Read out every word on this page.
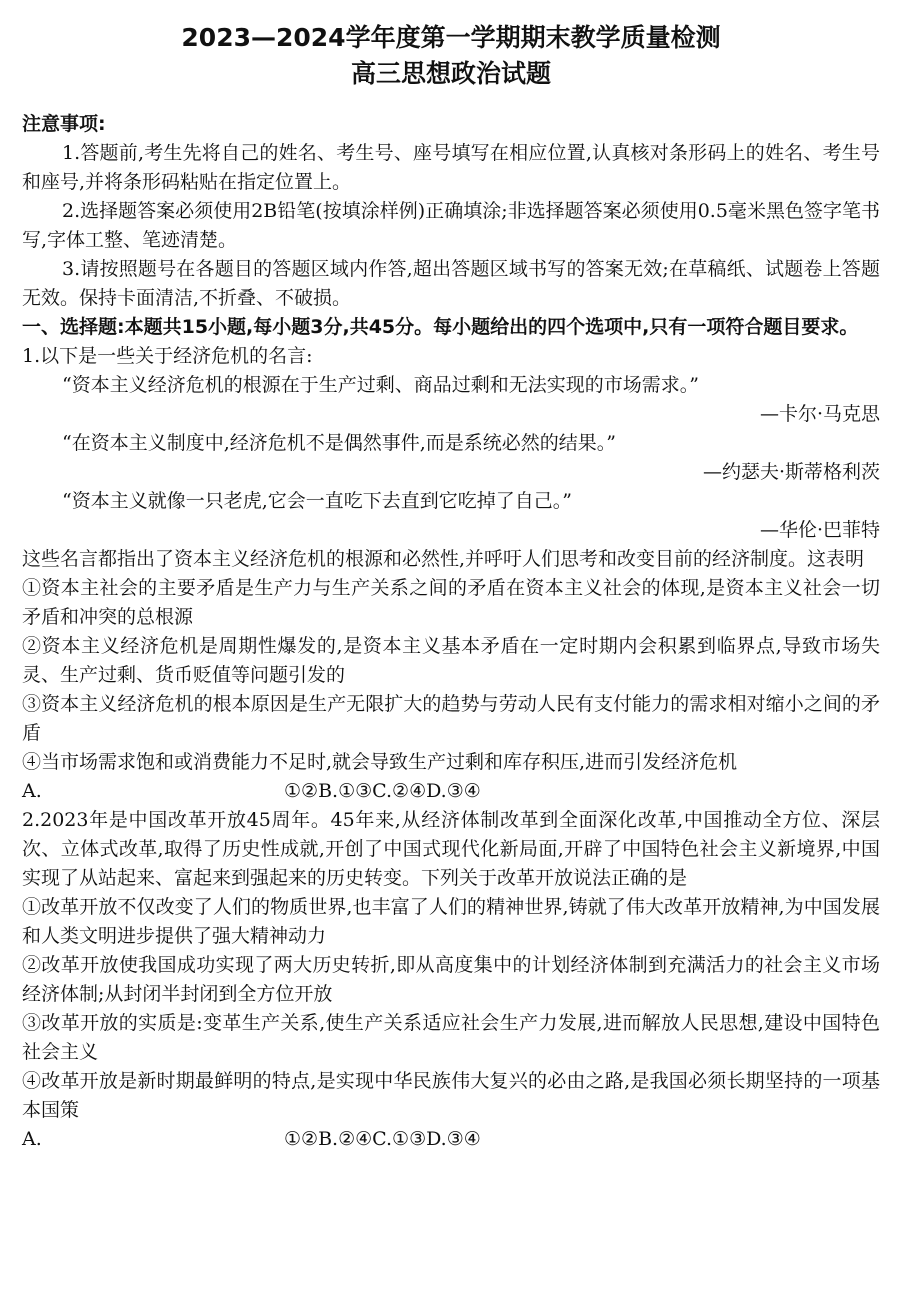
2023—2024学年度第一学期期末教学质量检测
高三思想政治试题
注意事项:
1.答题前,考生先将自己的姓名、考生号、座号填写在相应位置,认真核对条形码上的姓名、考生号和座号,并将条形码粘贴在指定位置上。
2.选择题答案必须使用2B铅笔(按填涂样例)正确填涂;非选择题答案必须使用0.5毫米黑色签字笔书写,字体工整、笔迹清楚。
3.请按照题号在各题目的答题区域内作答,超出答题区域书写的答案无效;在草稿纸、试题卷上答题无效。保持卡面清洁,不折叠、不破损。
一、选择题:本题共15小题,每小题3分,共45分。每小题给出的四个选项中,只有一项符合题目要求。
1.以下是一些关于经济危机的名言:
“资本主义经济危机的根源在于生产过剩、商品过剩和无法实现的市场需求。”
—卡尔·马克思
“在资本主义制度中,经济危机不是偶然事件,而是系统必然的结果。”
—约瑟夫·斯蒂格利茨
“资本主义就像一只老虎,它会一直吃下去直到它吃掉了自己。”
—华伦·巴菲特
这些名言都指出了资本主义经济危机的根源和必然性,并呼吁人们思考和改变目前的经济制度。这表明
①资本主社会的主要矛盾是生产力与生产关系之间的矛盾在资本主义社会的体现,是资本主义社会一切矛盾和冲突的总根源
②资本主义经济危机是周期性爆发的,是资本主义基本矛盾在一定时期内会积累到临界点,导致市场失灵、生产过剩、货币贬值等问题引发的
③资本主义经济危机的根本原因是生产无限扩大的趋势与劳动人民有支付能力的需求相对缩小之间的矛盾
④当市场需求饱和或消费能力不足时,就会导致生产过剩和库存积压,进而引发经济危机
A.	①②B.①③C.②④D.③④
2.2023年是中国改革开放45周年。45年来,从经济体制改革到全面深化改革,中国推动全方位、深层次、立体式改革,取得了历史性成就,开创了中国式现代化新局面,开辟了中国特色社会主义新境界,中国实现了从站起来、富起来到强起来的历史转变。下列关于改革开放说法正确的是
①改革开放不仅改变了人们的物质世界,也丰富了人们的精神世界,铸就了伟大改革开放精神,为中国发展和人类文明进步提供了强大精神动力
②改革开放使我国成功实现了两大历史转折,即从高度集中的计划经济体制到充满活力的社会主义市场经济体制;从封闭半封闭到全方位开放
③改革开放的实质是:变革生产关系,使生产关系适应社会生产力发展,进而解放人民思想,建设中国特色社会主义
④改革开放是新时期最鲜明的特点,是实现中华民族伟大复兴的必由之路,是我国必须长期坚持的一项基本国策
A.	①②B.②④C.①③D.③④
